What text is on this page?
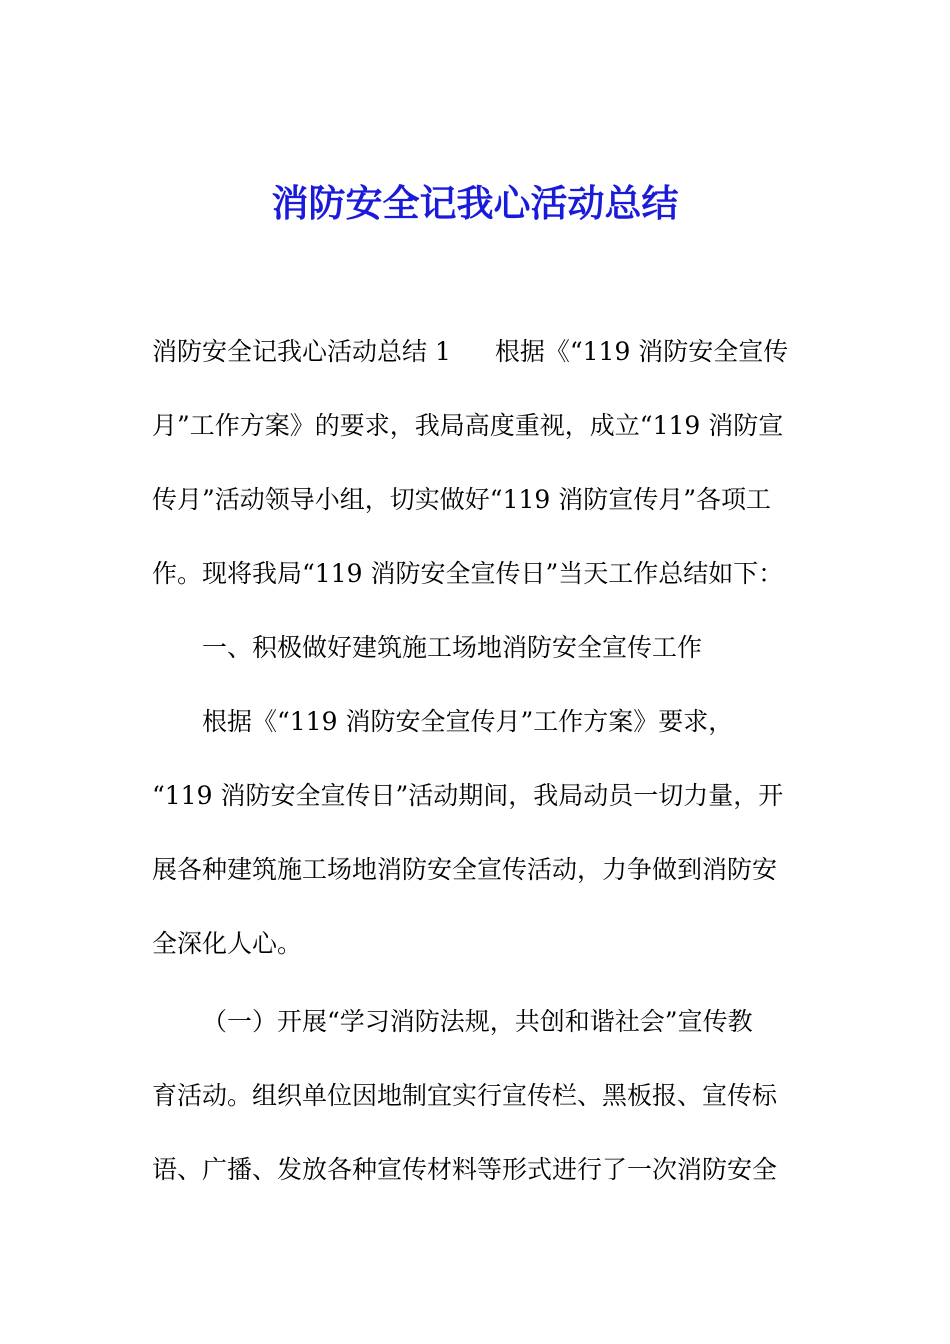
消防安全记我心活动总结
消防安全记我心活动总结 1 根据《“119 消防安全宣传
月”工作方案》的要求，我局高度重视，成立“119 消防宣
传月”活动领导小组，切实做好“119 消防宣传月”各项工
作。现将我局“119 消防安全宣传日”当天工作总结如下：
一、积极做好建筑施工场地消防安全宣传工作
根据《“119 消防安全宣传月”工作方案》要求，
“119 消防安全宣传日”活动期间，我局动员一切力量，开
展各种建筑施工场地消防安全宣传活动，力争做到消防安
全深化人心。
（一）开展“学习消防法规，共创和谐社会”宣传教
育活动。组织单位因地制宜实行宣传栏、黑板报、宣传标
语、广播、发放各种宣传材料等形式进行了一次消防安全
